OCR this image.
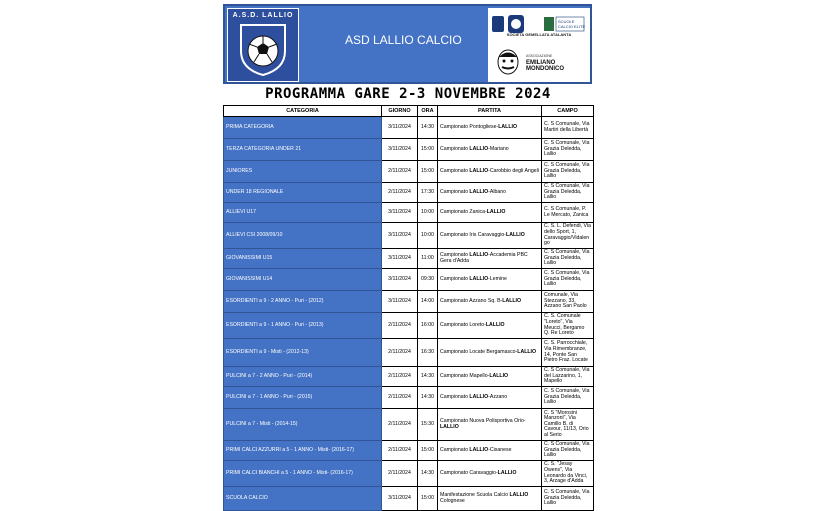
A.S.D. LALLIO
ASD LALLIO CALCIO
SCUOLE
CALCIO ELITE
SOCIETA GEMELLATA ATALANTA
ASSOCIAZIONE
EMILIANO MONDONICO
PROGRAMMA GARE 2-3 NOVEMBRE 2024
CATEGORIA	GIORNO	ORA	PARTITA	CAMPO
PRIMA CATEGORIA	3/11/2024	14:30	Campionato Pontogliese-LALLIO	C. S Comunale, Via Martiri della Libertà
TERZA CATEGORIA UNDER 21	3/11/2024	15:00	Campionato LALLIO-Mariano	C. S Comunale, Via Grazia Deledda, Lallio
JUNIORES	2/11/2024	15:00	Campionato LALLIO-Carobbio degli Angeli	C. S Comunale, Via Grazia Deledda, Lallio
UNDER 18 REGIONALE	2/11/2024	17:30	Campionato LALLIO-Albano	C. S Comunale, Via Grazia Deledda, Lallio
ALLIEVI U17	3/11/2024	10:00	Campionato Zanica-LALLIO	C. S Comunale, P. Le Mercato, Zanica
ALLIEVI CSI 2008/09/10	3/11/2024	10:00	Campionato Iris Caravaggio-LALLIO	C. S. L. Defendi, Via dello Sport, 1, Caravaggio/Vidalen go
GIOVANISSIMI U15	3/11/2024	11:00	Campionato LALLIO-Accademia PBC Gera d'Adda	C. S Comunale, Via Grazia Deledda, Lallio
GIOVANISSIMI U14	3/11/2024	09:30	Campionato LALLIO-Lemine	C. S Comunale, Via Grazia Deledda, Lallio
ESORDIENTI a 9 - 2 ANNO - Puri - (2012)	3/11/2024	14:00	Campionato Azzano Sq. B-LALLIO	Comunale, Via Stezzano, 33, Azzano San Paolo
ESORDIENTI a 9 - 1 ANNO - Puri - (2013)	2/11/2024	16:00	Campionato Loreto-LALLIO	C. S. Comunale "Loreto", Via Meucci, Bergamo Q. Re Loreto
ESORDIENTI a 9 - Misti - (2012-13)	2/11/2024	16:30	Campionato Locate Bergamasco-LALLIO	C. S. Parrocchiale, Via Rimembranze, 14, Ponte San Pietro Fraz. Locate
PULCINI a 7 - 2 ANNO - Puri - (2014)	2/11/2024	14:30	Campionato Mapello-LALLIO	C. S Comunale, Via del Lazzarino, 1, Mapello
PULCINI a 7 - 1 ANNO - Puri - (2015)	2/11/2024	14:30	Campionato LALLIO-Azzano	C. S Comunale, Via Grazia Deledda, Lallio
PULCINI a 7 - Misti - (2014-15)	2/11/2024	15:30	Campionato Nuova Polisportiva Orio-LALLIO	C. S "Morosini Manzoni", Via Camillo B. di Cavour, 11/13, Orio al Serio
PRIMI CALCI AZZURRI a 5 - 1 ANNO - Misti- (2016-17)	2/11/2024	15:00	Campionato LALLIO-Cisanese	C. S Comunale, Via Grazia Deledda, Lallio
PRIMI CALCI BIANCHI a 5 - 1 ANNO - Misti- (2016-17)	2/11/2024	14:30	Campionato Caravaggio-LALLIO	C. S. "Jesay Owens", Via Leonardo da Vinci, 3, Arzage d'Adda
SCUOLA CALCIO	3/11/2024	15:00	Manifestazione Scuola Calcio LALLIO Colognese	C. S Comunale, Via Grazia Deledda, Lallio
